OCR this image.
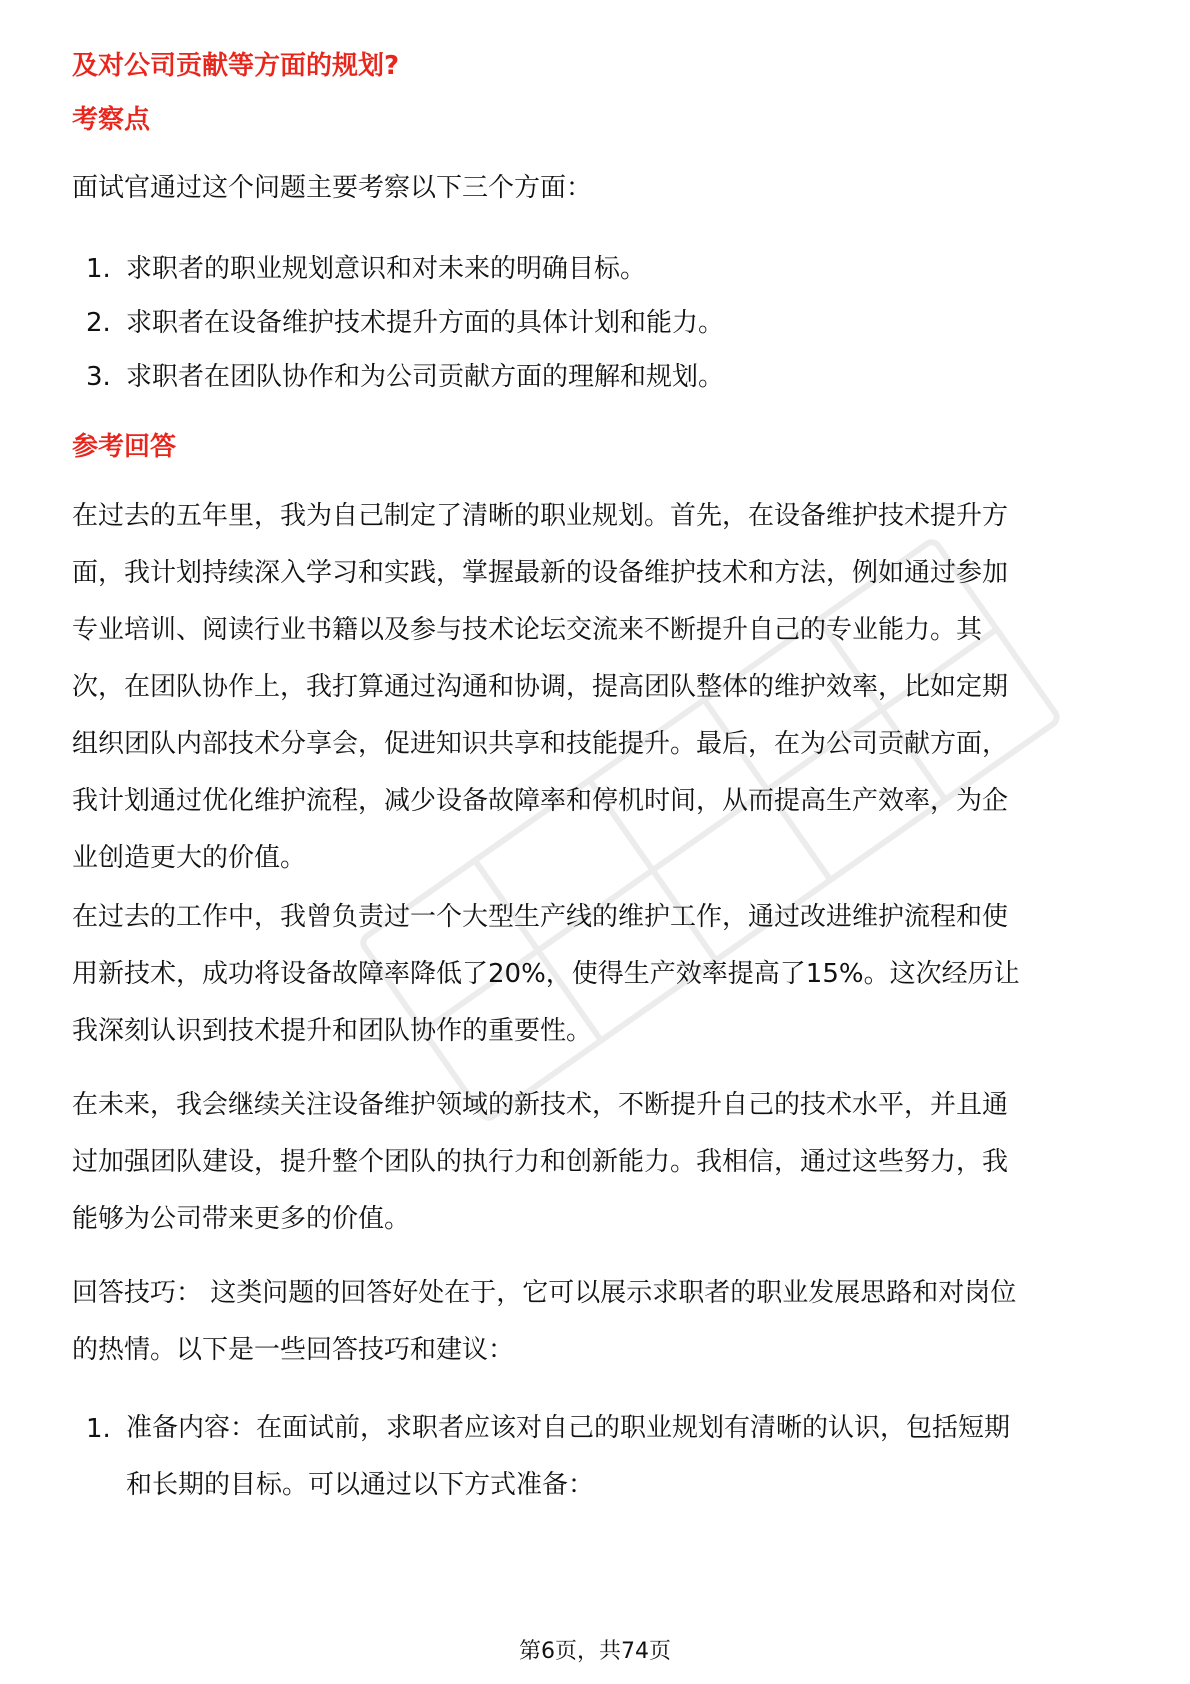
及对公司贡献等方面的规划?
考察点

面试官通过这个问题主要考察以下三个方面：

1. 求职者的职业规划意识和对未来的明确目标。
2. 求职者在设备维护技术提升方面的具体计划和能力。
3. 求职者在团队协作和为公司贡献方面的理解和规划。
参考回答

在过去的五年里，我为自己制定了清晰的职业规划。首先，在设备维护技术提升方
面，我计划持续深入学习和实践，掌握最新的设备维护技术和方法，例如通过参加
专业培训、阅读行业书籍以及参与技术论坛交流来不断提升自己的专业能力。其
次，在团队协作上，我打算通过沟通和协调，提高团队整体的维护效率，比如定期
组织团队内部技术分享会，促进知识共享和技能提升。最后，在为公司贡献方面，
我计划通过优化维护流程，减少设备故障率和停机时间，从而提高生产效率，为企
业创造更大的价值。

在过去的工作中，我曾负责过一个大型生产线的维护工作，通过改进维护流程和使
用新技术，成功将设备故障率降低了20%，使得生产效率提高了15%。这次经历让
我深刻认识到技术提升和团队协作的重要性。

在未来，我会继续关注设备维护领域的新技术，不断提升自己的技术水平，并且通
过加强团队建设，提升整个团队的执行力和创新能力。我相信，通过这些努力，我
能够为公司带来更多的价值。

回答技巧： 这类问题的回答好处在于，它可以展示求职者的职业发展思路和对岗位
的热情。以下是一些回答技巧和建议：

1. 准备内容：在面试前，求职者应该对自己的职业规划有清晰的认识，包括短期
和长期的目标。可以通过以下方式准备：
第6页，共74页
